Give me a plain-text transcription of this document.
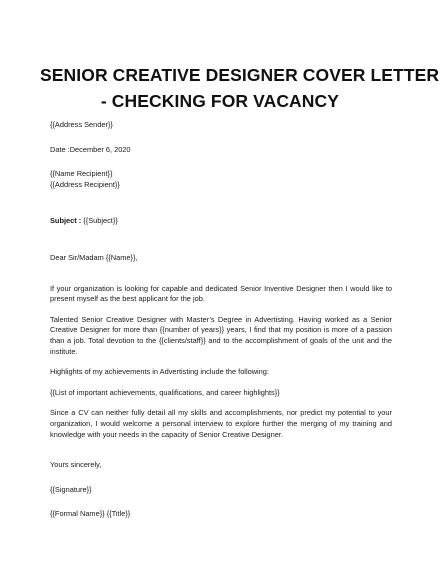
SENIOR CREATIVE DESIGNER COVER LETTER
- CHECKING FOR VACANCY
{{Address Sender}}
Date :December 6, 2020
{{Name Recipient}}
{{Address Recipient}}
Subject : {{Subject}}
Dear Sir/Madam {{Name}},

If your organization is looking for capable and dedicated Senior Inventive Designer then I would like to present myself as the best applicant for the job.

Talented Senior Creative Designer with Master’s Degree in Advertisting. Having worked as a Senior Creative Designer for more than {{number of years}} years, I find that my position is more of a passion than a job. Total devotion to the {{clients/staff}} and to the accomplishment of goals of the unit and the institute.

Highlights of my achievements in Advertisting include the following:

{{List of important achievements, qualifications, and career highlights}}

Since a CV can neither fully detail all my skills and accomplishments, nor predict my potential to your organization, I would welcome a personal interview to explore further the merging of my training and knowledge with your needs in the capacity of Senior Creative Designer.

Yours sincerely,
{{Signature}}
{{Formal Name}} {{Title}}
